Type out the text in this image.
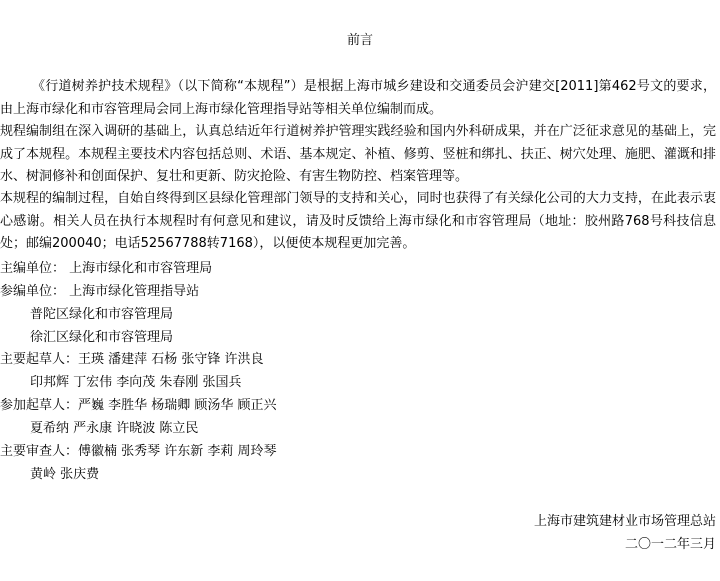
前言

《行道树养护技术规程》（以下简称“本规程”）是根据上海市城乡建设和交通委员会沪建交[2011]第462号文的要求，由上海市绿化和市容管理局会同上海市绿化管理指导站等相关单位编制而成。

规程编制组在深入调研的基础上，认真总结近年行道树养护管理实践经验和国内外科研成果，并在广泛征求意见的基础上，完成了本规程。本规程主要技术内容包括总则、术语、基本规定、补植、修剪、竖桩和绑扎、扶正、树穴处理、施肥、灌溉和排水、树洞修补和创面保护、复壮和更新、防灾抢险、有害生物防控、档案管理等。

本规程的编制过程，自始自终得到区县绿化管理部门领导的支持和关心，同时也获得了有关绿化公司的大力支持，在此表示衷心感谢。相关人员在执行本规程时有何意见和建议，请及时反馈给上海市绿化和市容管理局（地址：胶州路768号科技信息处；邮编200040；电话52567788转7168），以便使本规程更加完善。

主编单位： 上海市绿化和市容管理局
参编单位： 上海市绿化管理指导站
普陀区绿化和市容管理局
徐汇区绿化和市容管理局
主要起草人：王瑛 潘建萍 石杨 张守锋 许洪良
印邦辉 丁宏伟 李向茂 朱春刚 张国兵
参加起草人：严巍 李胜华 杨瑞卿 顾汤华 顾正兴
夏希纳 严永康 许晓波 陈立民
主要审查人：傅徽楠 张秀琴 许东新 李莉 周玲琴
黄岭 张庆费
上海市建筑建材业市场管理总站
二〇一二年三月
